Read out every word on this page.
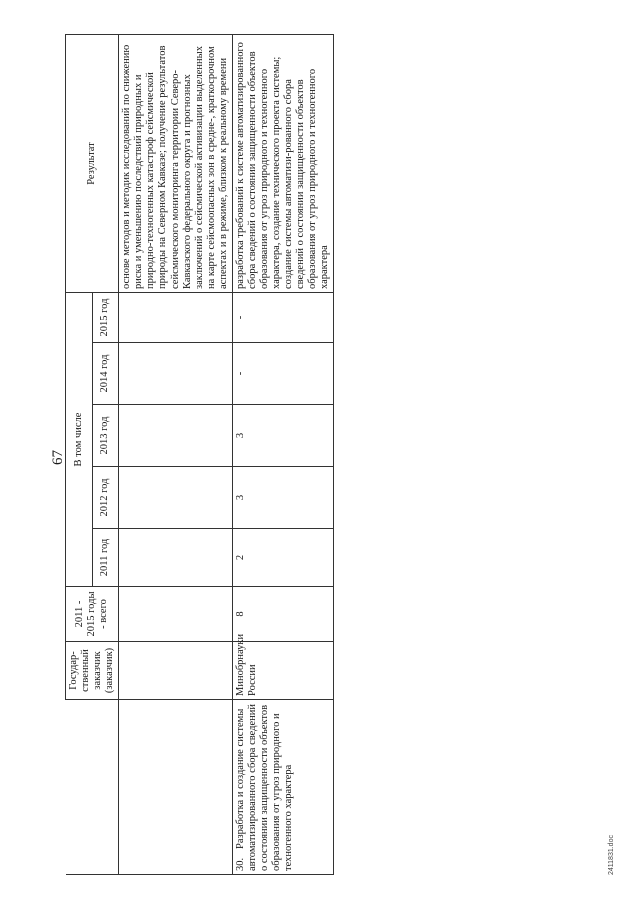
67
	Государ-ственный заказчик (заказчик)	2011 - 2015 годы - всего	В том числе					Результат
			2011 год	2012 год	2013 год	2014 год	2015 год	
								основе методов и методик исследований по снижению риска и уменьшению последствий природных и природно-техногенных катастроф сейсмической природы на Северном Кавказе; получение результатов сейсмического мониторинга территории Северо-Кавказского федерального округа и прогнозных заключений о сейсмической активизации выделенных на карте сейсмоопасных зон в средне-, краткосрочном аспектах и в режиме, близком к реальному времени
30.Разработка и создание системы автоматизированного сбора сведений о состоянии защищенности объектов образования от угроз природного и техногенного характера	Минобрнауки России	8	2	3	3	-	-	разработка требований к системе автоматизированного сбора сведений о состоянии защищенности объектов образования от угроз природного и техногенного характера, создание технического проекта системы; создание системы автоматизи-рованного сбора сведений о состоянии защищенности объектов образования от угроз природного и техногенного характера
2411831.doc
